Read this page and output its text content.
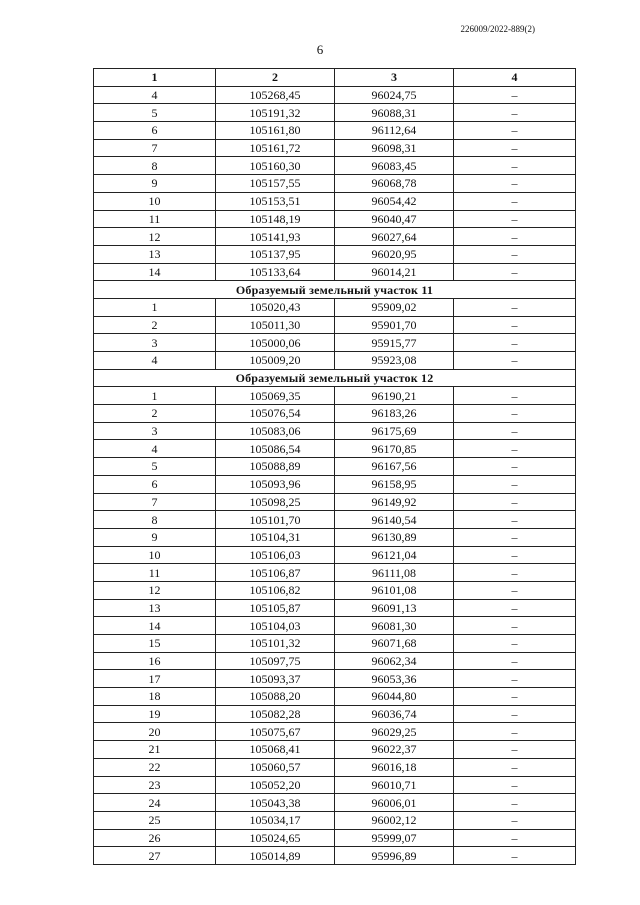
226009/2022-889(2)
6
1	2	3	4
4	105268,45	96024,75	–
5	105191,32	96088,31	–
6	105161,80	96112,64	–
7	105161,72	96098,31	–
8	105160,30	96083,45	–
9	105157,55	96068,78	–
10	105153,51	96054,42	–
11	105148,19	96040,47	–
12	105141,93	96027,64	–
13	105137,95	96020,95	–
14	105133,64	96014,21	–
Образуемый земельный участок 11			
1	105020,43	95909,02	–
2	105011,30	95901,70	–
3	105000,06	95915,77	–
4	105009,20	95923,08	–
Образуемый земельный участок 12			
1	105069,35	96190,21	–
2	105076,54	96183,26	–
3	105083,06	96175,69	–
4	105086,54	96170,85	–
5	105088,89	96167,56	–
6	105093,96	96158,95	–
7	105098,25	96149,92	–
8	105101,70	96140,54	–
9	105104,31	96130,89	–
10	105106,03	96121,04	–
11	105106,87	96111,08	–
12	105106,82	96101,08	–
13	105105,87	96091,13	–
14	105104,03	96081,30	–
15	105101,32	96071,68	–
16	105097,75	96062,34	–
17	105093,37	96053,36	–
18	105088,20	96044,80	–
19	105082,28	96036,74	–
20	105075,67	96029,25	–
21	105068,41	96022,37	–
22	105060,57	96016,18	–
23	105052,20	96010,71	–
24	105043,38	96006,01	–
25	105034,17	96002,12	–
26	105024,65	95999,07	–
27	105014,89	95996,89	–
